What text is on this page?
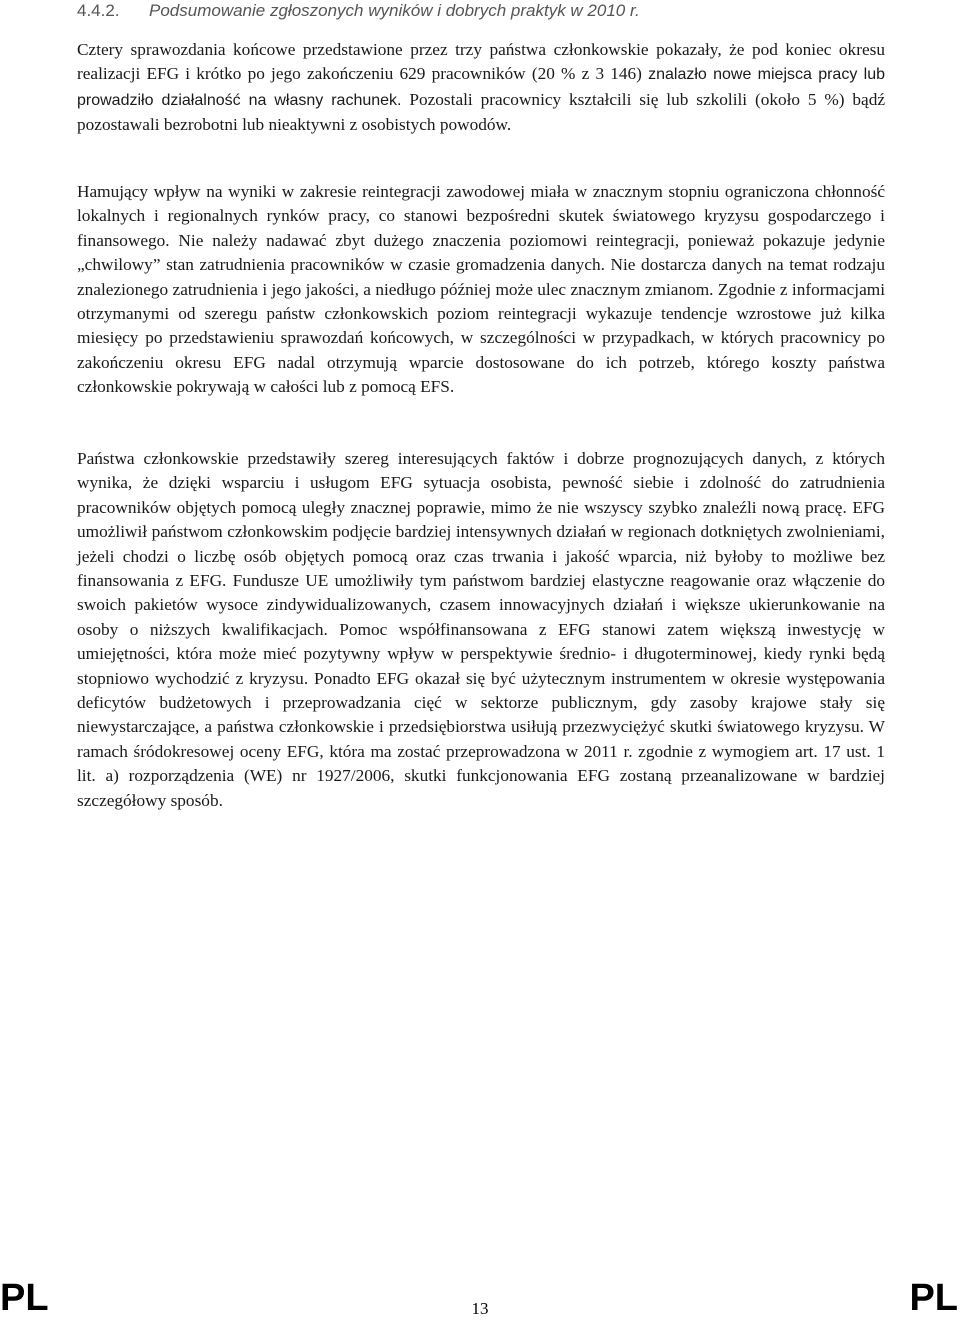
4.4.2. Podsumowanie zgłoszonych wyników i dobrych praktyk w 2010 r.

Cztery sprawozdania końcowe przedstawione przez trzy państwa członkowskie pokazały, że pod koniec okresu realizacji EFG i krótko po jego zakończeniu 629 pracowników (20 % z 3 146) znalazło nowe miejsca pracy lub prowadziło działalność na własny rachunek. Pozostali pracownicy kształcili się lub szkolili (około 5 %) bądź pozostawali bezrobotni lub nieaktywni z osobistych powodów.

Hamujący wpływ na wyniki w zakresie reintegracji zawodowej miała w znacznym stopniu ograniczona chłonność lokalnych i regionalnych rynków pracy, co stanowi bezpośredni skutek światowego kryzysu gospodarczego i finansowego. Nie należy nadawać zbyt dużego znaczenia poziomowi reintegracji, ponieważ pokazuje jedynie „chwilowy” stan zatrudnienia pracowników w czasie gromadzenia danych. Nie dostarcza danych na temat rodzaju znalezionego zatrudnienia i jego jakości, a niedługo później może ulec znacznym zmianom. Zgodnie z informacjami otrzymanymi od szeregu państw członkowskich poziom reintegracji wykazuje tendencje wzrostowe już kilka miesięcy po przedstawieniu sprawozdań końcowych, w szczególności w przypadkach, w których pracownicy po zakończeniu okresu EFG nadal otrzymują wparcie dostosowane do ich potrzeb, którego koszty państwa członkowskie pokrywają w całości lub z pomocą EFS.

Państwa członkowskie przedstawiły szereg interesujących faktów i dobrze prognozujących danych, z których wynika, że dzięki wsparciu i usługom EFG sytuacja osobista, pewność siebie i zdolność do zatrudnienia pracowników objętych pomocą uległy znacznej poprawie, mimo że nie wszyscy szybko znaleźli nową pracę. EFG umożliwił państwom członkowskim podjęcie bardziej intensywnych działań w regionach dotkniętych zwolnieniami, jeżeli chodzi o liczbę osób objętych pomocą oraz czas trwania i jakość wparcia, niż byłoby to możliwe bez finansowania z EFG. Fundusze UE umożliwiły tym państwom bardziej elastyczne reagowanie oraz włączenie do swoich pakietów wysoce zindywidualizowanych, czasem innowacyjnych działań i większe ukierunkowanie na osoby o niższych kwalifikacjach. Pomoc współfinansowana z EFG stanowi zatem większą inwestycję w umiejętności, która może mieć pozytywny wpływ w perspektywie średnio- i długoterminowej, kiedy rynki będą stopniowo wychodzić z kryzysu. Ponadto EFG okazał się być użytecznym instrumentem w okresie występowania deficytów budżetowych i przeprowadzania cięć w sektorze publicznym, gdy zasoby krajowe stały się niewystarczające, a państwa członkowskie i przedsiębiorstwa usiłują przezwyciężyć skutki światowego kryzysu. W ramach śródokresowej oceny EFG, która ma zostać przeprowadzona w 2011 r. zgodnie z wymogiem art. 17 ust. 1 lit. a) rozporządzenia (WE) nr 1927/2006, skutki funkcjonowania EFG zostaną przeanalizowane w bardziej szczegółowy sposób.

PL	13	PL
